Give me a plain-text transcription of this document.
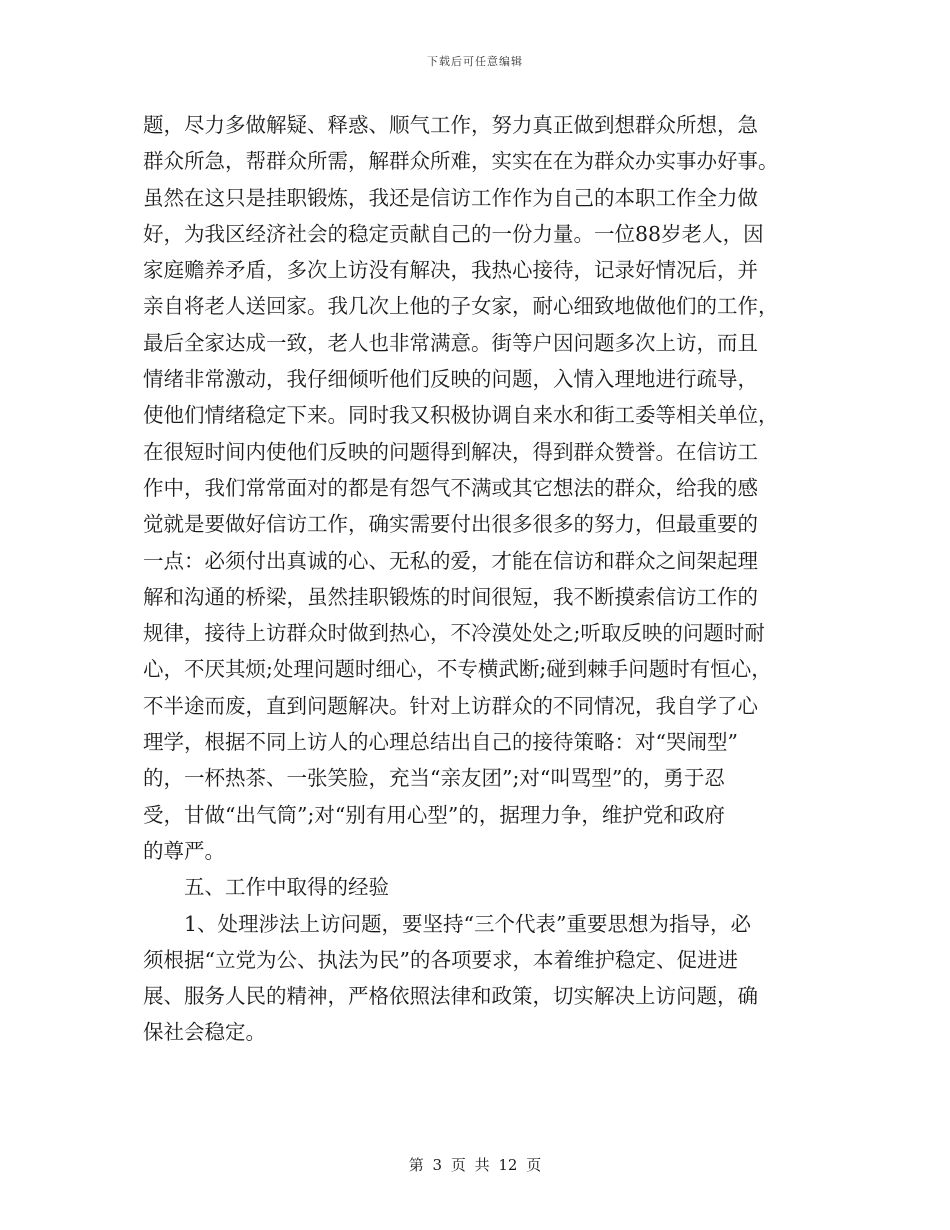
下载后可任意编辑
题，尽力多做解疑、释惑、顺气工作，努力真正做到想群众所想，急
群众所急，帮群众所需，解群众所难，实实在在为群众办实事办好事。
虽然在这只是挂职锻炼，我还是信访工作作为自己的本职工作全力做
好，为我区经济社会的稳定贡献自己的一份力量。一位88岁老人，因
家庭赡养矛盾，多次上访没有解决，我热心接待，记录好情况后，并
亲自将老人送回家。我几次上他的子女家，耐心细致地做他们的工作，
最后全家达成一致，老人也非常满意。街等户因问题多次上访，而且
情绪非常激动，我仔细倾听他们反映的问题，入情入理地进行疏导，
使他们情绪稳定下来。同时我又积极协调自来水和街工委等相关单位，
在很短时间内使他们反映的问题得到解决，得到群众赞誉。在信访工
作中，我们常常面对的都是有怨气不满或其它想法的群众，给我的感
觉就是要做好信访工作，确实需要付出很多很多的努力，但最重要的
一点：必须付出真诚的心、无私的爱，才能在信访和群众之间架起理
解和沟通的桥梁，虽然挂职锻炼的时间很短，我不断摸索信访工作的
规律，接待上访群众时做到热心，不冷漠处处之;听取反映的问题时耐
心，不厌其烦;处理问题时细心，不专横武断;碰到棘手问题时有恒心，
不半途而废，直到问题解决。针对上访群众的不同情况，我自学了心
理学，根据不同上访人的心理总结出自己的接待策略：对“哭闹型”
的，一杯热茶、一张笑脸，充当“亲友团”;对“叫骂型”的，勇于忍
受，甘做“出气筒”;对“别有用心型”的，据理力争，维护党和政府
的尊严。
　　五、工作中取得的经验
　　1、处理涉法上访问题，要坚持“三个代表”重要思想为指导，必
须根据“立党为公、执法为民”的各项要求，本着维护稳定、促进进
展、服务人民的精神，严格依照法律和政策，切实解决上访问题，确
保社会稳定。
第 3 页 共 12 页
